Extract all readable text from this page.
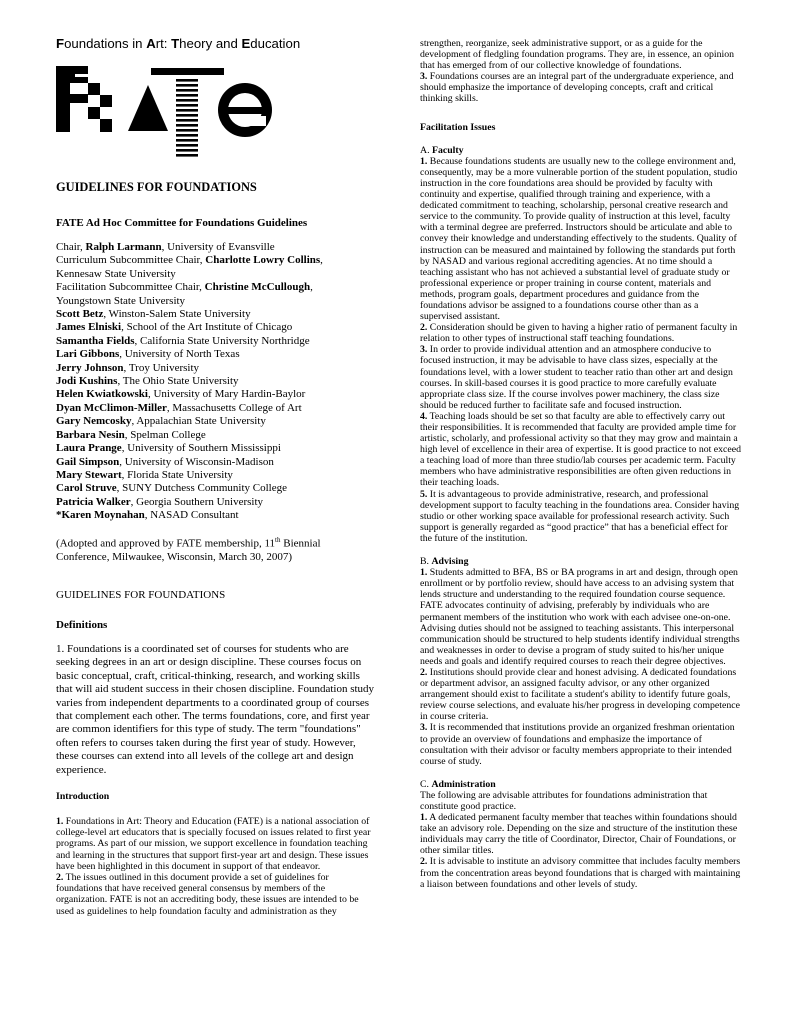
Foundations in Art: Theory and Education
GUIDELINES FOR FOUNDATIONS
FATE Ad Hoc Committee for Foundations Guidelines
Chair, Ralph Larmann, University of Evansville
Curriculum Subcommittee Chair, Charlotte Lowry Collins,
Kennesaw State University
Facilitation Subcommittee Chair, Christine McCullough,
Youngstown State University
Scott Betz, Winston-Salem State University
James Elniski, School of the Art Institute of Chicago
Samantha Fields, California State University Northridge
Lari Gibbons, University of North Texas
Jerry Johnson, Troy University
Jodi Kushins, The Ohio State University
Helen Kwiatkowski, University of Mary Hardin-Baylor
Dyan McClimon-Miller, Massachusetts College of Art
Gary Nemcosky, Appalachian State University
Barbara Nesin, Spelman College
Laura Prange, University of Southern Mississippi
Gail Simpson, University of Wisconsin-Madison
Mary Stewart, Florida State University
Carol Struve, SUNY Dutchess Community College
Patricia Walker, Georgia Southern University
*Karen Moynahan, NASAD Consultant
(Adopted and approved by FATE membership, 11th Biennial Conference, Milwaukee, Wisconsin, March 30, 2007)
GUIDELINES FOR FOUNDATIONS
Definitions
1. Foundations is a coordinated set of courses for students who are seeking degrees in an art or design discipline. These courses focus on basic conceptual, craft, critical-thinking, research, and working skills that will aid student success in their chosen discipline. Foundation study varies from independent departments to a coordinated group of courses that complement each other. The terms foundations, core, and first year are common identifiers for this type of study. The term "foundations" often refers to courses taken during the first year of study. However, these courses can extend into all levels of the college art and design experience.
Introduction

1. Foundations in Art: Theory and Education (FATE) is a national association of college-level art educators that is specially focused on issues related to first year programs. As part of our mission, we support excellence in foundation teaching and learning in the structures that support first-year art and design. These issues have been highlighted in this document in support of that endeavor.

2. The issues outlined in this document provide a set of guidelines for foundations that have received general consensus by members of the organization. FATE is not an accrediting body, these issues are intended to be used as guidelines to help foundation faculty and administration as they

strengthen, reorganize, seek administrative support, or as a guide for the development of fledgling foundation programs. They are, in essence, an opinion that has emerged from of our collective knowledge of foundations.

3. Foundations courses are an integral part of the undergraduate experience, and should emphasize the importance of developing concepts, craft and critical thinking skills.

Facilitation Issues
A. Faculty

1. Because foundations students are usually new to the college environment and, consequently, may be a more vulnerable portion of the student population, studio instruction in the core foundations area should be provided by faculty with continuity and expertise, qualified through training and experience, with a dedicated commitment to teaching, scholarship, personal creative research and service to the community. To provide quality of instruction at this level, faculty with a terminal degree are preferred. Instructors should be articulate and able to convey their knowledge and understanding effectively to the students. Quality of instruction can be measured and maintained by following the standards put forth by NASAD and various regional accrediting agencies. At no time should a teaching assistant who has not achieved a substantial level of graduate study or professional experience or proper training in course content, materials and methods, program goals, department procedures and guidance from the foundations advisor be assigned to a foundations course other than as a supervised assistant.

2. Consideration should be given to having a higher ratio of permanent faculty in relation to other types of instructional staff teaching foundations.

3. In order to provide individual attention and an atmosphere conducive to focused instruction, it may be advisable to have class sizes, especially at the foundations level, with a lower student to teacher ratio than other art and design courses. In skill-based courses it is good practice to more carefully evaluate appropriate class size. If the course involves power machinery, the class size should be reduced further to facilitate safe and focused instruction.

4. Teaching loads should be set so that faculty are able to effectively carry out their responsibilities. It is recommended that faculty are provided ample time for artistic, scholarly, and professional activity so that they may grow and maintain a high level of excellence in their area of expertise. It is good practice to not exceed a teaching load of more than three studio/lab courses per academic term. Faculty members who have administrative responsibilities are often given reductions in their teaching loads.

5. It is advantageous to provide administrative, research, and professional development support to faculty teaching in the foundations area. Consider having studio or other working space available for professional research activity. Such support is generally regarded as “good practice” that has a beneficial effect for the future of the institution.

B. Advising

1. Students admitted to BFA, BS or BA programs in art and design, through open enrollment or by portfolio review, should have access to an advising system that lends structure and understanding to the required foundation course sequence. FATE advocates continuity of advising, preferably by individuals who are permanent members of the institution who work with each advisee one-on-one. Advising duties should not be assigned to teaching assistants. This interpersonal communication should be structured to help students identify individual strengths and weaknesses in order to devise a program of study suited to his/her unique needs and goals and identify required courses to reach their degree objectives.

2. Institutions should provide clear and honest advising. A dedicated foundations or department advisor, an assigned faculty advisor, or any other organized arrangement should exist to facilitate a student's ability to identify future goals, review course selections, and evaluate his/her progress in developing competence in course criteria.

3. It is recommended that institutions provide an organized freshman orientation to provide an overview of foundations and emphasize the importance of consultation with their advisor or faculty members appropriate to their intended course of study.

C. Administration

The following are advisable attributes for foundations administration that constitute good practice.

1. A dedicated permanent faculty member that teaches within foundations should take an advisory role. Depending on the size and structure of the institution these individuals may carry the title of Coordinator, Director, Chair of Foundations, or other similar titles.

2. It is advisable to institute an advisory committee that includes faculty members from the concentration areas beyond foundations that is charged with maintaining a liaison between foundations and other levels of study.
